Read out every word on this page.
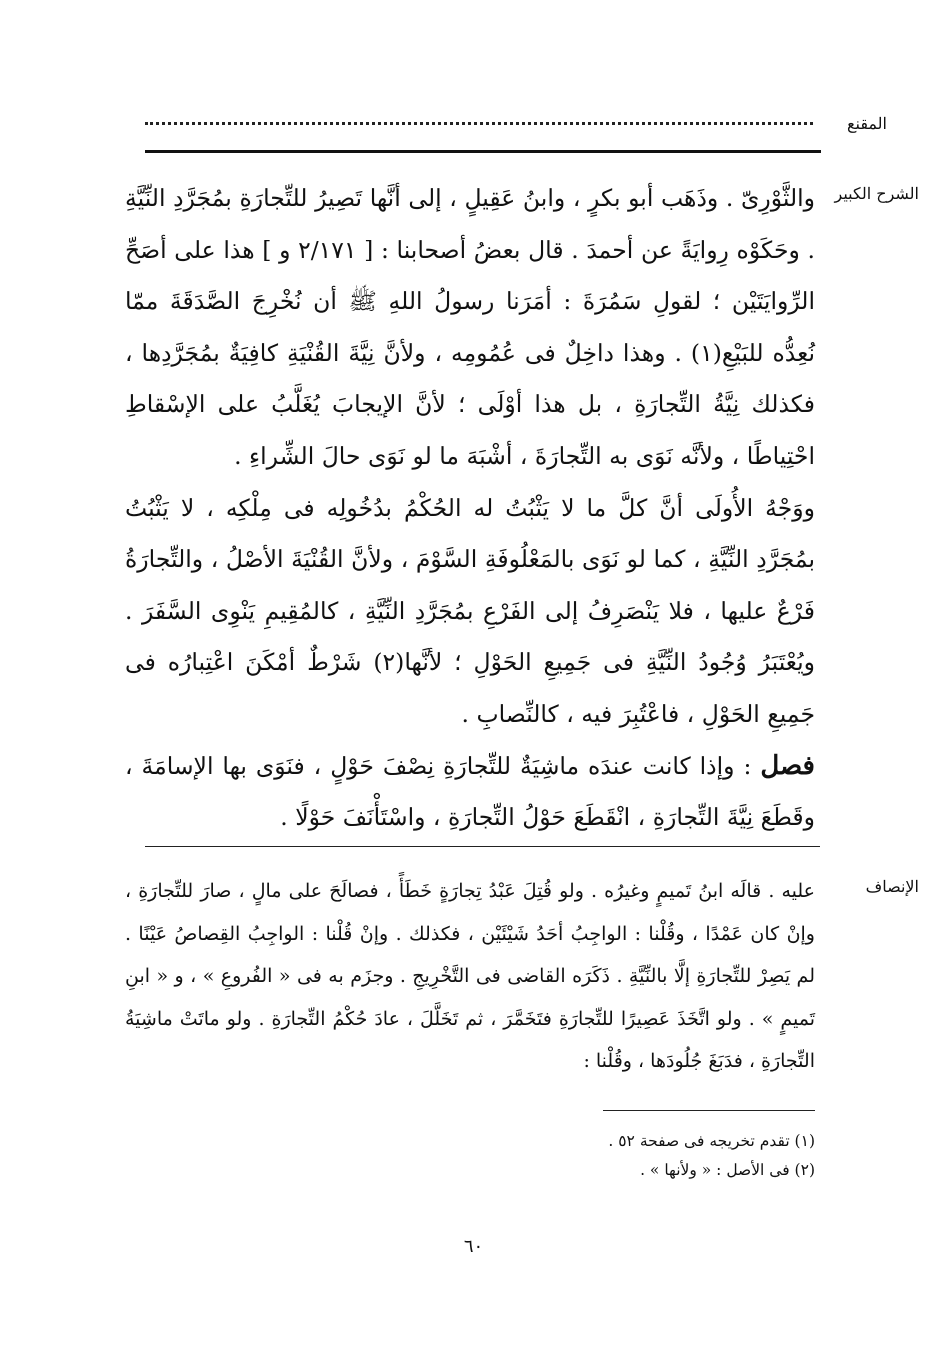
المقنع
الشرح الكبير
الإنصاف

والثَّوْرِىّ . وذَهَب أبو بكرٍ ، وابنُ عَقِيلٍ ، إلى أنَّها تَصِيرُ للتِّجارَةِ بمُجَرَّدِ النِّيَّةِ . وحَكَوْه رِوايَةً عن أحمدَ . قال بعضُ أصحابنا : [ ٢/١٧١ و ] هذا على أصَحِّ الرِّوايَتَيْن ؛ لقولِ سَمُرَةَ : أمَرَنا رسولُ اللهِ ﷺ أن نُخْرِجَ الصَّدَقَةَ ممّا نُعِدُّه للبَيْعِ(١) . وهذا داخِلٌ فى عُمُومِه ، ولأنَّ نِيَّةَ القُنْيَةِ كافِيَةٌ بمُجَرَّدِها ، فكذلك نِيَّةُ التِّجارَةِ ، بل هذا أوْلَى ؛ لأنَّ الإيجابَ يُغَلَّبُ على الإسْقاطِ احْتِياطًا ، ولأنَّه نَوَى به التِّجارَةَ ، أشْبَهَ ما لو نَوَى حالَ الشِّراءِ .

ووَجْهُ الأُولَى أنَّ كلَّ ما لا يَثْبُتُ له الحُكْمُ بدُخُولِه فى مِلْكِه ، لا يَثْبُتُ بمُجَرَّدِ النِّيَّةِ ، كما لو نَوَى بالمَعْلُوفَةِ السَّوْمَ ، ولأنَّ القُنْيَةَ الأصْلُ ، والتِّجارَةُ فَرْعٌ عليها ، فلا يَنْصَرِفُ إلى الفَرْعِ بمُجَرَّدِ النِّيَّةِ ، كالمُقِيمِ يَنْوِى السَّفَرَ . ويُعْتَبَرُ وُجُودُ النِّيَّةِ فى جَمِيعِ الحَوْلِ ؛ لأنَّها(٢) شَرْطٌ أمْكَنَ اعْتِبارُه فى جَمِيعِ الحَوْلِ ، فاعْتُبِرَ فيه ، كالنِّصابِ .

فصل : وإذا كانت عندَه ماشِيَةٌ للتِّجارَةِ نِصْفَ حَوْلٍ ، فنَوَى بها الإسامَةَ ، وقَطَعَ نِيَّةَ التِّجارَةِ ، انْقَطَعَ حَوْلُ التِّجارَةِ ، واسْتَأْنَفَ حَوْلًا .

عليه . قالَه ابنُ تَميمٍ وغيرُه . ولو قُتِلَ عَبْدُ تِجارَةٍ خَطَأً ، فصالَحَ على مالٍ ، صارَ للتِّجارَةِ ، وإنْ كان عَمْدًا ، وقُلْنا : الواجِبُ أحَدُ شَيْئَيْن ، فكذلك . وإنْ قُلْنا : الواجِبُ القِصاصُ عَيْنًا . لم يَصِرْ للتِّجارَةِ إلَّا بالنِّيَّةِ . ذَكَرَه القاضى فى التَّخْرِيجِ . وجزَم به فى « الفُروعِ » ، و « ابنِ تَميمٍ » . ولو اتَّخَذَ عَصِيرًا للتِّجارَةِ فتَخَمَّرَ ، ثم تَخَلَّلَ ، عادَ حُكْمُ التِّجارَةِ . ولو ماتَتْ ماشِيَةُ التِّجارَةِ ، فدَبَغَ جُلُودَها ، وقُلْنا :

(١) تقدم تخريجه فى صفحة ٥٢ .
(٢) فى الأصل : « ولأنها » .
٦٠
